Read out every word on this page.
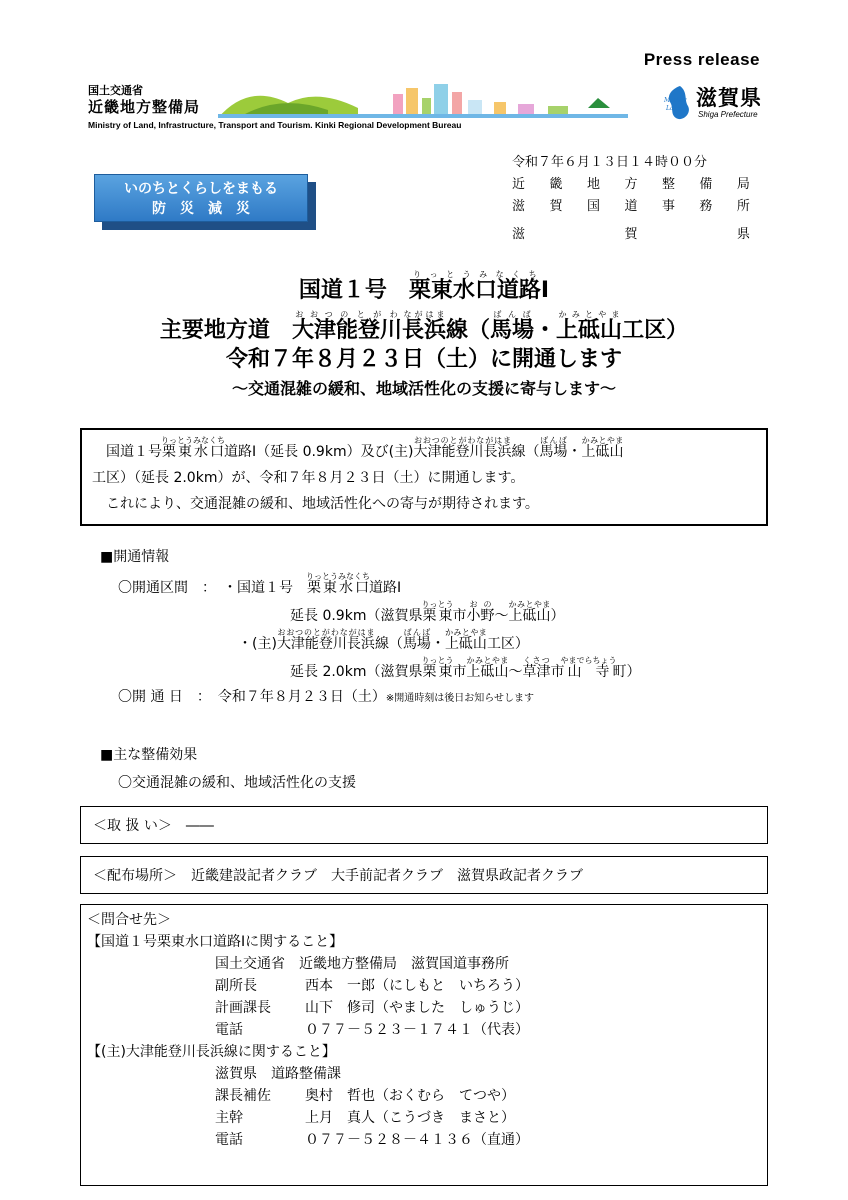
Press release
国土交通省
近畿地方整備局
Ministry of Land, Infrastructure, Transport and Tourism. Kinki Regional Development Bureau
Mother
Lake 滋賀県
Shiga Prefecture
いのちとくらしをまもる
防　災　減　災
令和７年６月１３日１４時００分
近 畿 地 方 整 備 局
滋 賀 国 道 事 務 所
滋	賀	県
国道１号　 栗東水口道路りっとうみなくちⅠ
主要地方道　 大津おおつ能登川のとがわ長浜ながはま線（馬場ばんば・上砥山かみとやま工区）
令和７年８月２３日（土）に開通します
～交通混雑の緩和、地域活性化の支援に寄与します～
　国道１号栗東水口りっとうみなくち道路Ⅰ（延長 0.9km）及び(主)大津能登川長浜おおつのとがわながはま線（馬場ばんば・上砥山かみとやま
工区）（延長 2.0km）が、令和７年８月２３日（土）に開通します。
　これにより、交通混雑の緩和、地域活性化への寄与が期待されます。
■開通情報
〇開通区間　 ：　 ・国道１号　 栗東水口りっとうみなくち道路Ⅰ
延長 0.9km（滋賀県栗東りっとう市小野おの～上砥山かみとやま）
・(主)大津能登川長浜おおつのとがわながはま線（馬場ばんば・上砥山かみとやま工区）
延長 2.0km（滋賀県栗東りっとう市上砥山かみとやま～草津くさつ市山寺やまでらちょう町）
〇開 通 日　 ：　 令和７年８月２３日（土）※開通時刻は後日お知らせします
■主な整備効果
〇交通混雑の緩和、地域活性化の支援
＜取 扱 い＞　 ――
＜配布場所＞　 近畿建設記者クラブ　大手前記者クラブ　滋賀県政記者クラブ
＜問合せ先＞
【国道１号栗東水口道路Ⅰに関すること】
国土交通省　近畿地方整備局　滋賀国道事務所
副所長	西本　一郎（にしもと　いちろう）
計画課長	山下　修司（やました　しゅうじ）
電話	０７７－５２３－１７４１（代表）
【(主)大津能登川長浜線に関すること】
滋賀県　道路整備課
課長補佐	奥村　哲也（おくむら　てつや）
主幹	上月　真人（こうづき　まさと）
電話	０７７－５２８－４１３６（直通）
